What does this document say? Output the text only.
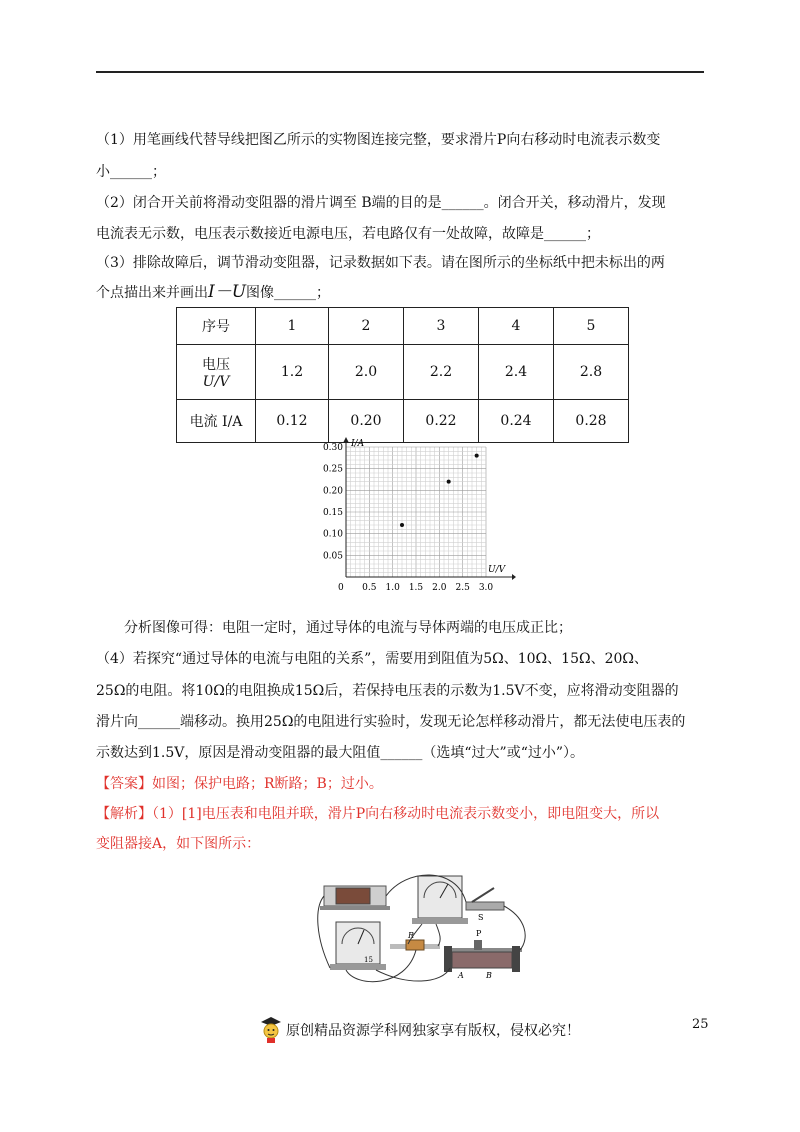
（1）用笔画线代替导线把图乙所示的实物图连接完整，要求滑片P向右移动时电流表示数变
小______；
（2）闭合开关前将滑动变阻器的滑片调至 B端的目的是______。闭合开关，移动滑片，发现
电流表无示数，电压表示数接近电源电压，若电路仅有一处故障，故障是______；
（3）排除故障后，调节滑动变阻器，记录数据如下表。请在图所示的坐标纸中把未标出的两
个点描出来并画出I－U图像______；
序号	1	2	3	4	5

电压
U/V	1.2	2.0	2.2	2.4	2.8
电流 I/A	0.12	0.20	0.22	0.24	0.28
I/A
U/V
0
0.05
0.10
0.15
0.20
0.25
0.30
0.5 1.0 1.5 2.0 2.5 3.0
分析图像可得：电阻一定时，通过导体的电流与导体两端的电压成正比；
（4）若探究“通过导体的电流与电阻的关系”，需要用到阻值为5Ω、10Ω、15Ω、20Ω、
25Ω的电阻。将10Ω的电阻换成15Ω后，若保持电压表的示数为1.5V不变，应将滑动变阻器的
滑片向______端移动。换用25Ω的电阻进行实验时，发现无论怎样移动滑片，都无法使电压表的
示数达到1.5V，原因是滑动变阻器的最大阻值______（选填“过大”或“过小”）。
【答案】如图；保护电路；R断路；B；过小。
【解析】（1）[1]电压表和电阻并联，滑片P向右移动时电流表示数变小，即电阻变大，所以
变阻器接A，如下图所示：
15
S
R	P
A	B
25
原创精品资源学科网独家享有版权，侵权必究！
